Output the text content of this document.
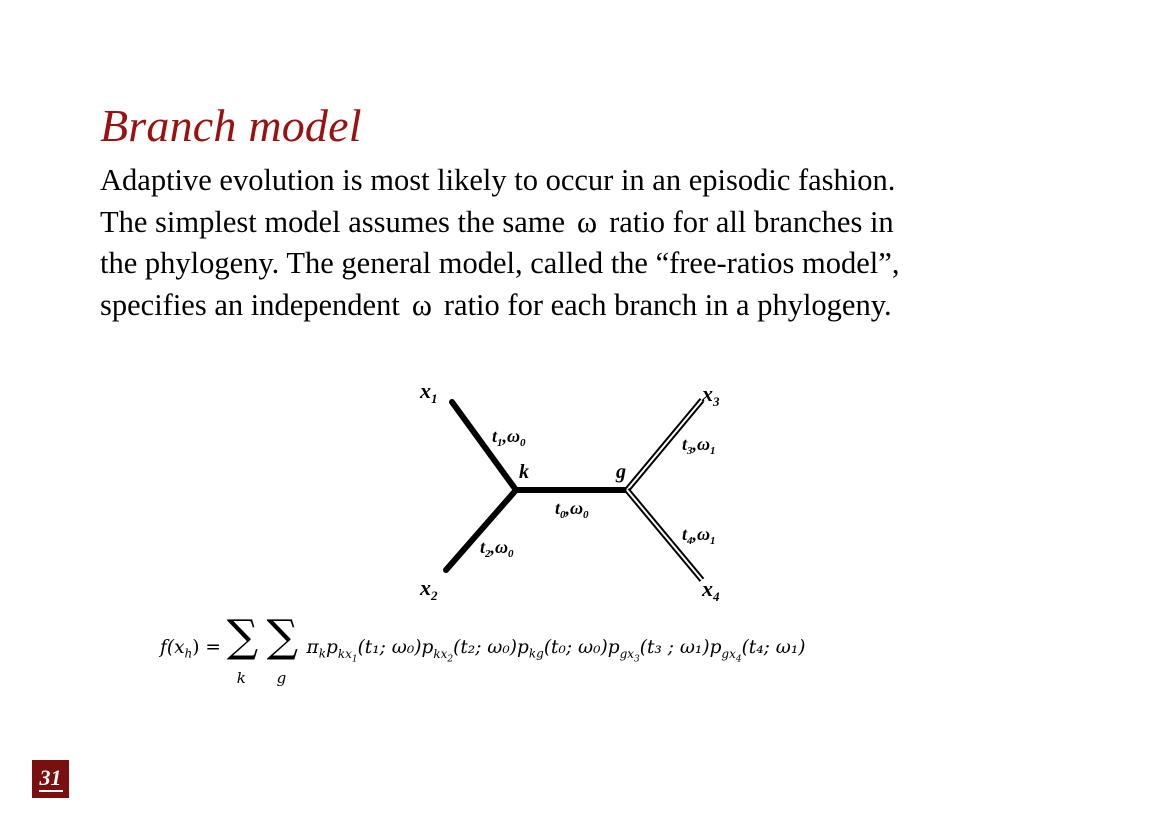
Branch model
Adaptive evolution is most likely to occur in an episodic fashion.
The simplest model assumes the same ω ratio for all branches in
the phylogeny. The general model, called the “free-ratios model”,
specifies an independent ω ratio for each branch in a phylogeny.
$x_1$
$x_2$
$x_3$
$x_4$
k	g
$t_1,\omega_0$
$t_2,\omega_0$
$t_0,\omega_0$
$t_3,\omega_1$
$t_4,\omega_1$
$f(x_h)$ = ∑
k

∑
g
$\pi_kp_{kx_1}(t_1$; $\omega_0)p_{kx_2}(t_2$; $\omega_0)p_{kg}(t_0$; $\omega_0)p_{gx_3}(t_3$ ; $\omega_1)p_{gx_4}(t_4$; ω₁)
31
